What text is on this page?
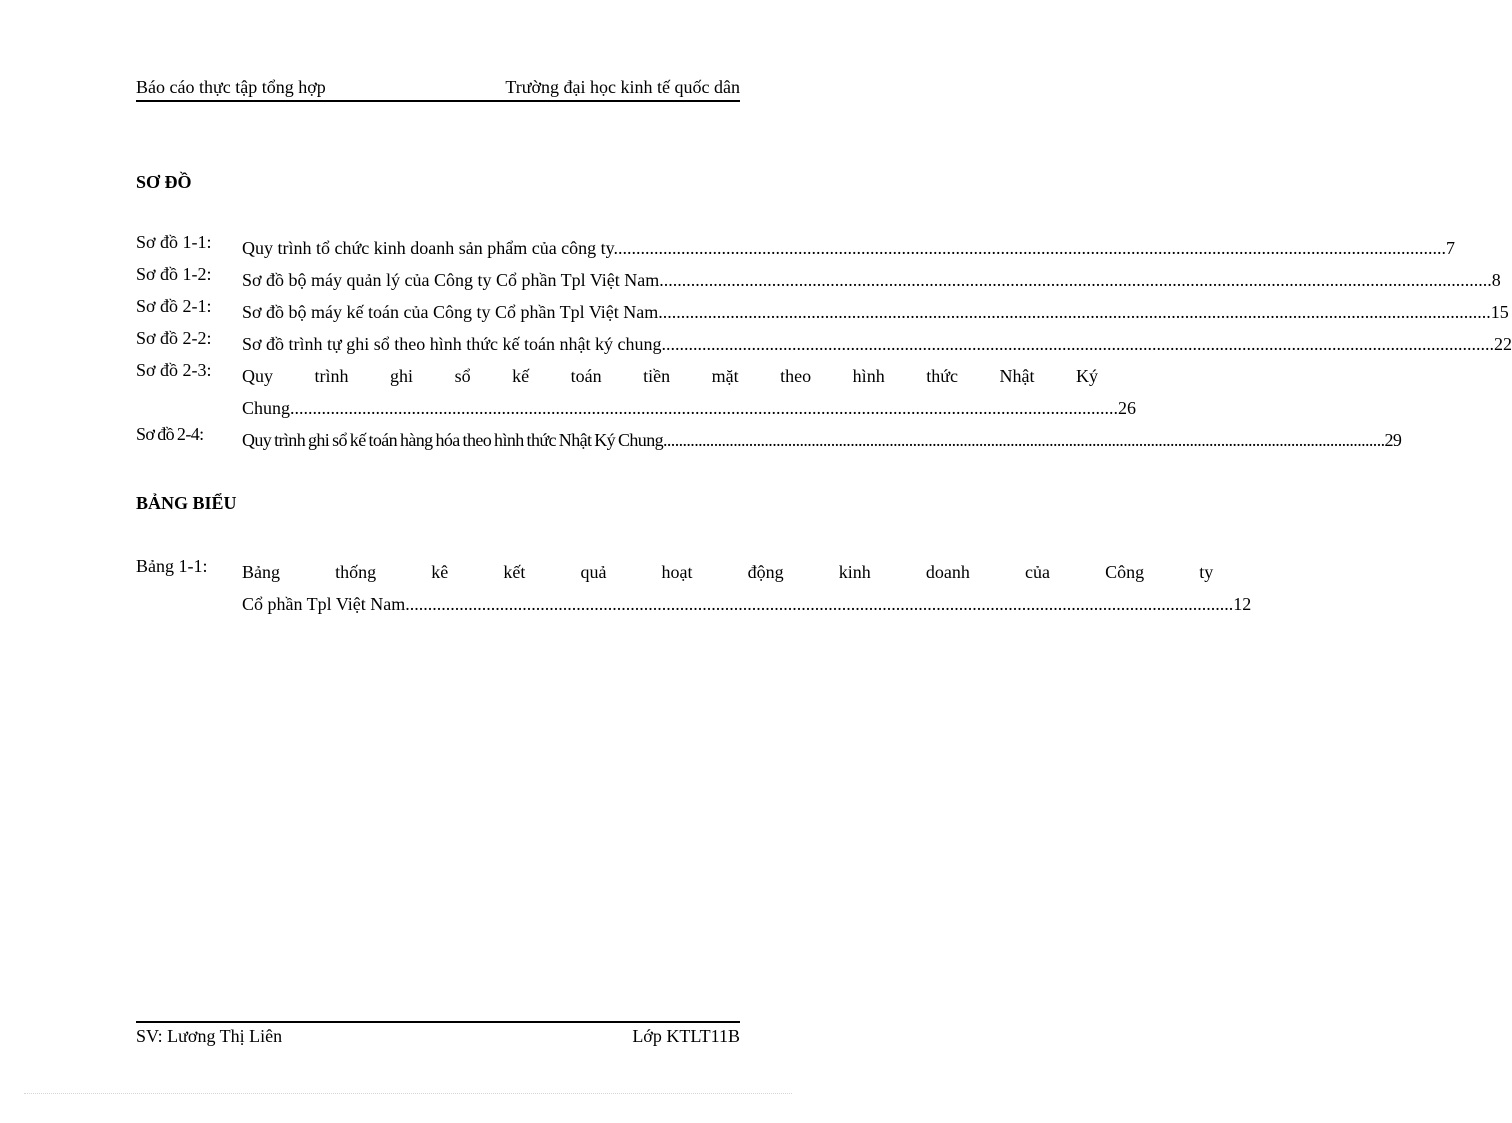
Báo cáo thực tập tổng hợp	Trường đại học kinh tế quốc dân
SƠ ĐỒ
Sơ đồ 1-1:	Quy trình tổ chức kinh doanh sản phẩm của công ty. .....	7
Sơ đồ 1-2:	Sơ đồ bộ máy quản lý của Công ty Cổ phần Tpl Việt Nam. .....	8
Sơ đồ 2-1:	Sơ đồ bộ máy kế toán của Công ty Cổ phần Tpl Việt Nam. .....	15
Sơ đồ 2-2:	Sơ đồ trình tự ghi sổ theo hình thức kế toán nhật ký chung. .....	22
Sơ đồ 2-3:	Quy trình ghi sổ kế toán tiền mặt theo hình thức Nhật Ký
Chung .....	26
Sơ đồ 2-4:	Quy trình ghi sổ kế toán hàng hóa theo hình thức Nhật Ký Chung. .....	29
BẢNG BIỂU
Bảng 1-1:	Bảng thống kê kết quả hoạt động kinh doanh của Công ty
Cổ phần Tpl Việt Nam .....	12
SV: Lương Thị Liên	Lớp KTLT11B
